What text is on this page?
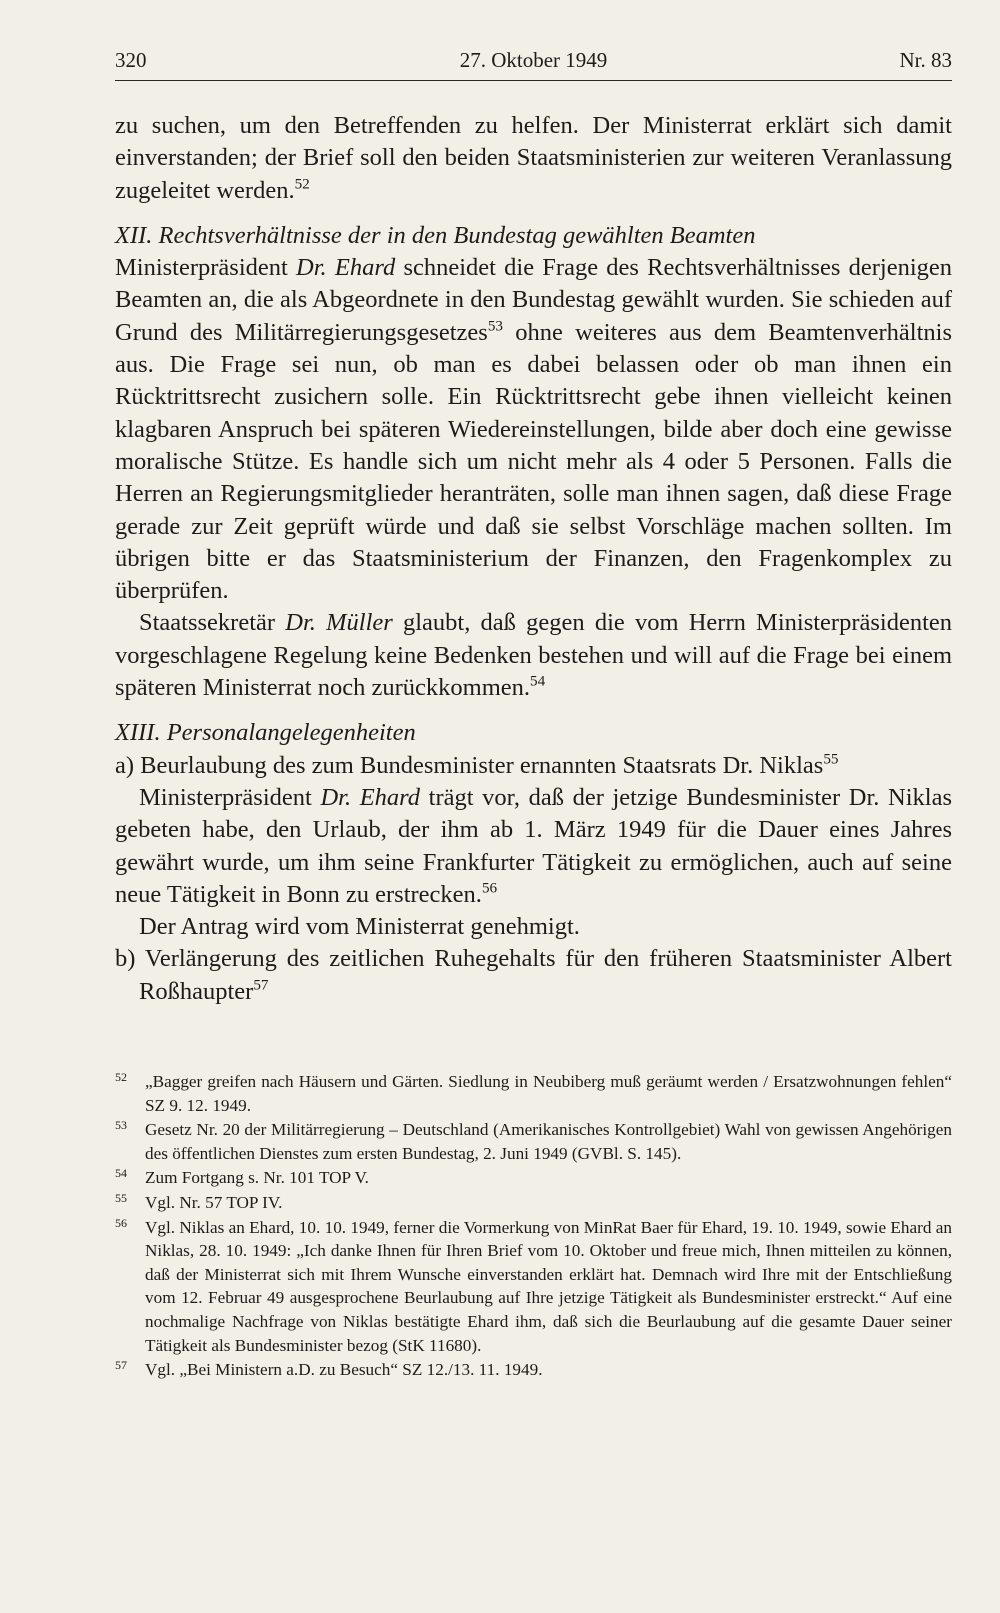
320	27. Oktober 1949	Nr. 83

zu suchen, um den Betreffenden zu helfen. Der Ministerrat erklärt sich damit einverstanden; der Brief soll den beiden Staatsministerien zur weiteren Veranlassung zugeleitet werden.$^{52}$

XII. Rechtsverhältnisse der in den Bundestag gewählten Beamten

Ministerpräsident Dr. Ehard schneidet die Frage des Rechtsverhältnisses derjenigen Beamten an, die als Abgeordnete in den Bundestag gewählt wurden. Sie schieden auf Grund des Militärregierungsgesetzes$^{53}$ ohne weiteres aus dem Beamtenverhältnis aus. Die Frage sei nun, ob man es dabei belassen oder ob man ihnen ein Rücktrittsrecht zusichern solle. Ein Rücktrittsrecht gebe ihnen vielleicht keinen klagbaren Anspruch bei späteren Wiedereinstellungen, bilde aber doch eine gewisse moralische Stütze. Es handle sich um nicht mehr als 4 oder 5 Personen. Falls die Herren an Regierungsmitglieder heranträten, solle man ihnen sagen, daß diese Frage gerade zur Zeit geprüft würde und daß sie selbst Vorschläge machen sollten. Im übrigen bitte er das Staatsministerium der Finanzen, den Fragenkomplex zu überprüfen.

Staatssekretär Dr. Müller glaubt, daß gegen die vom Herrn Ministerpräsidenten vorgeschlagene Regelung keine Bedenken bestehen und will auf die Frage bei einem späteren Ministerrat noch zurückkommen.$^{54}$

XIII. Personalangelegenheiten

a) Beurlaubung des zum Bundesminister ernannten Staatsrats Dr. Niklas$^{55}$

Ministerpräsident Dr. Ehard trägt vor, daß der jetzige Bundesminister Dr. Niklas gebeten habe, den Urlaub, der ihm ab 1. März 1949 für die Dauer eines Jahres gewährt wurde, um ihm seine Frankfurter Tätigkeit zu ermöglichen, auch auf seine neue Tätigkeit in Bonn zu erstrecken.$^{56}$

Der Antrag wird vom Ministerrat genehmigt.

b) Verlängerung des zeitlichen Ruhegehalts für den früheren Staatsminister Albert Roßhaupter$^{57}$

52 „Bagger greifen nach Häusern und Gärten. Siedlung in Neubiberg muß geräumt werden / Ersatzwohnungen fehlen“ SZ 9. 12. 1949.
53 Gesetz Nr. 20 der Militärregierung – Deutschland (Amerikanisches Kontrollgebiet) Wahl von gewissen Angehörigen des öffentlichen Dienstes zum ersten Bundestag, 2. Juni 1949 (GVBl. S. 145).
54 Zum Fortgang s. Nr. 101 TOP V.
55 Vgl. Nr. 57 TOP IV.
56 Vgl. Niklas an Ehard, 10. 10. 1949, ferner die Vormerkung von MinRat Baer für Ehard, 19. 10. 1949, sowie Ehard an Niklas, 28. 10. 1949: „Ich danke Ihnen für Ihren Brief vom 10. Oktober und freue mich, Ihnen mitteilen zu können, daß der Ministerrat sich mit Ihrem Wunsche einverstanden erklärt hat. Demnach wird Ihre mit der Entschließung vom 12. Februar 49 ausgesprochene Beurlaubung auf Ihre jetzige Tätigkeit als Bundesminister erstreckt.“ Auf eine nochmalige Nachfrage von Niklas bestätigte Ehard ihm, daß sich die Beurlaubung auf die gesamte Dauer seiner Tätigkeit als Bundesminister bezog (StK 11680).
57 Vgl. „Bei Ministern a.D. zu Besuch“ SZ 12./13. 11. 1949.
